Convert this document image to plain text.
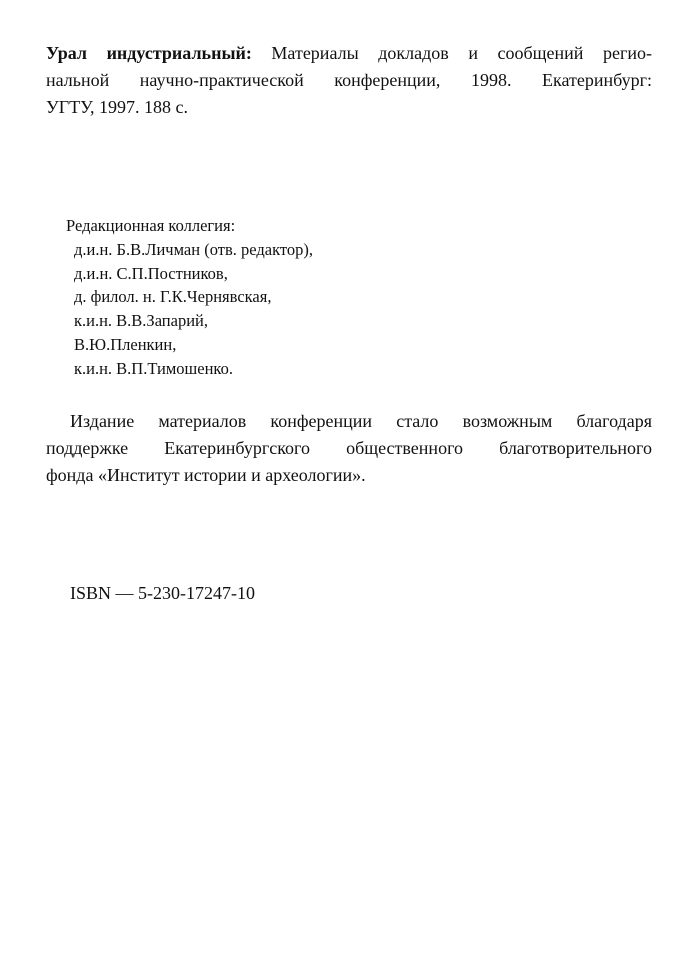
Урал индустриальный: Материалы докладов и сообщений регио-
нальной научно-практической конференции, 1998. Екатеринбург:
УГТУ, 1997. 188 с.
Редакционная коллегия:
д.и.н. Б.В.Личман (отв. редактор),
д.и.н. С.П.Постников,
д. филол. н. Г.К.Чернявская,
к.и.н. В.В.Запарий,
В.Ю.Пленкин,
к.и.н. В.П.Тимошенко.
Издание материалов конференции стало возможным благодаря
поддержке Екатеринбургского общественного благотворительного
фонда «Институт истории и археологии».
ISBN — 5-230-17247-10
